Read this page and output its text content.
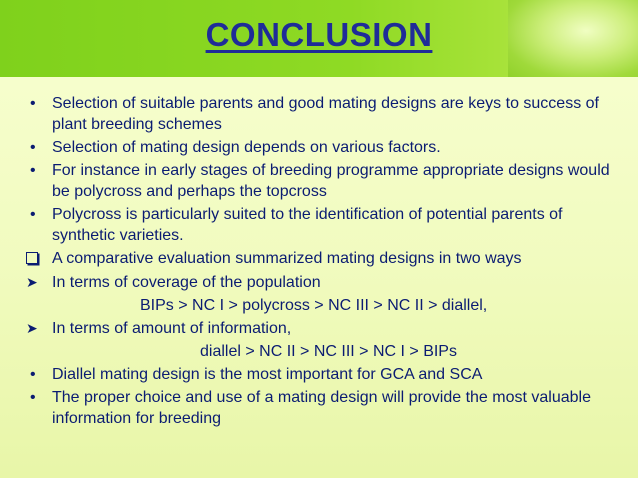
CONCLUSION
•	Selection of suitable parents and good mating designs are keys to success of plant breeding schemes
•	Selection of mating design depends on various factors.
•	For instance in early stages of breeding programme appropriate designs would be polycross and perhaps the topcross
•	Polycross is particularly suited to the identification of potential parents of synthetic varieties.
A comparative evaluation summarized mating designs in two ways
➤ In terms of coverage of the population
BIPs > NC I > polycross > NC III > NC II > diallel,
➤ In terms of amount of information,
diallel > NC II > NC III > NC I > BIPs
•	Diallel mating design is the most important for GCA and SCA
•	The proper choice and use of a mating design will provide the most valuable information for breeding
